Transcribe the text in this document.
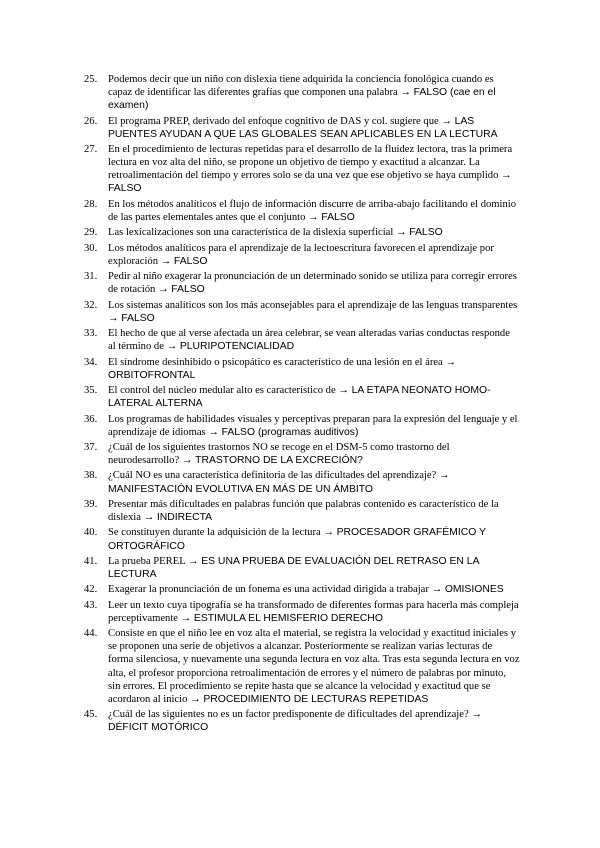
25.	Podemos decir que un niño con dislexia tiene adquirida la conciencia fonológica cuando es capaz de identificar las diferentes grafías que componen una palabra → FALSO (cae en el examen)
26.	El programa PREP, derivado del enfoque cognitivo de DAS y col. sugiere que → LAS PUENTES AYUDAN A QUE LAS GLOBALES SEAN APLICABLES EN LA LECTURA
27.	En el procedimiento de lecturas repetidas para el desarrollo de la fluidez lectora, tras la primera lectura en voz alta del niño, se propone un objetivo de tiempo y exactitud a alcanzar. La retroalimentación del tiempo y errores solo se da una vez que ese objetivo se haya cumplido → FALSO
28.	En los métodos analíticos el flujo de información discurre de arriba-abajo facilitando el dominio de las partes elementales antes que el conjunto → FALSO
29.	Las lexicalizaciones son una característica de la dislexia superficial → FALSO
30.	Los métodos analíticos para el aprendizaje de la lectoescritura favorecen el aprendizaje por exploración → FALSO
31.	Pedir al niño exagerar la pronunciación de un determinado sonido se utiliza para corregir errores de rotación → FALSO
32.	Los sistemas analíticos son los más aconsejables para el aprendizaje de las lenguas transparentes → FALSO
33.	El hecho de que al verse afectada un área celebrar, se vean alteradas varias conductas responde al término de → PLURIPOTENCIALIDAD
34.	El síndrome desinhibido o psicopático es característico de una lesión en el área → ORBITOFRONTAL
35.	El control del núcleo medular alto es característico de → LA ETAPA NEONATO HOMO-LATERAL ALTERNA
36.	Los programas de habilidades visuales y perceptivas preparan para la expresión del lenguaje y el aprendizaje de idiomas → FALSO (programas auditivos)
37.	¿Cuál de los siguientes trastornos NO se recoge en el DSM-5 como trastorno del neurodesarrollo? → TRASTORNO DE LA EXCRECIÓN?
38.	¿Cuál NO es una característica definitoria de las dificultades del aprendizaje? → MANIFESTACIÓN EVOLUTIVA EN MÁS DE UN ÁMBITO
39.	Presentar más dificultades en palabras función que palabras contenido es característico de la dislexia → INDIRECTA
40.	Se constituyen durante la adquisición de la lectura → PROCESADOR GRAFÉMICO Y ORTOGRÁFICO
41.	La prueba PEREL → ES UNA PRUEBA DE EVALUACIÓN DEL RETRASO EN LA LECTURA
42.	Exagerar la pronunciación de un fonema es una actividad dirigida a trabajar → OMISIONES
43.	Leer un texto cuya tipografía se ha transformado de diferentes formas para hacerla más compleja perceptivamente → ESTIMULA EL HEMISFERIO DERECHO
44.	Consiste en que el niño lee en voz alta el material, se registra la velocidad y exactitud iniciales y se proponen una serie de objetivos a alcanzar. Posteriormente se realizan varias lecturas de forma silenciosa, y nuevamente una segunda lectura en voz alta. Tras esta segunda lectura en voz alta, el profesor proporciona retroalimentación de errores y el número de palabras por minuto, sin errores. El procedimiento se repite hasta que se alcance la velocidad y exactitud que se acordaron al inicio → PROCEDIMIENTO DE LECTURAS REPETIDAS
45.	¿Cuál de las siguientes no es un factor predisponente de dificultades del aprendizaje? → DÉFICIT MOTÓRICO
